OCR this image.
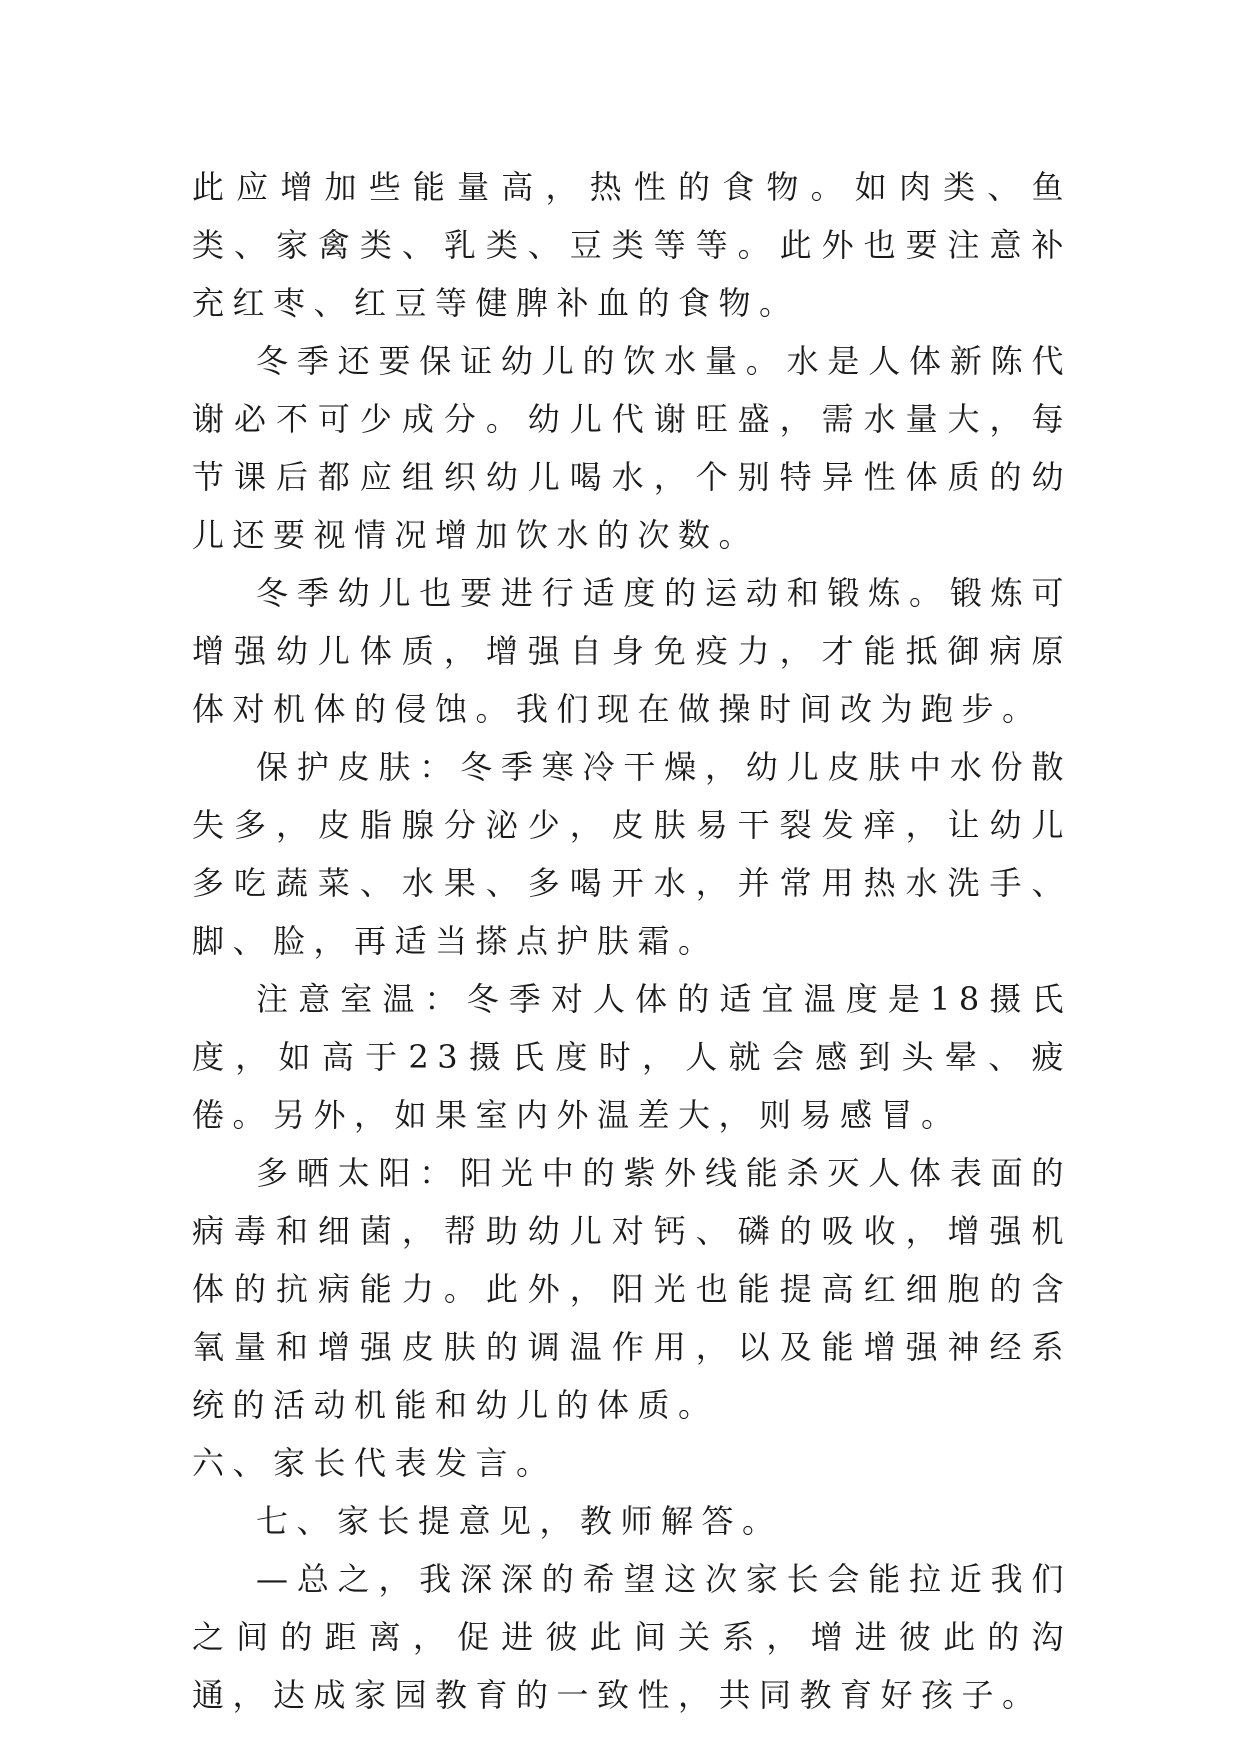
此应增加些能量高，热性的食物。如肉类、鱼类、家禽类、乳类、豆类等等。此外也要注意补充红枣、红豆等健脾补血的食物。

冬季还要保证幼儿的饮水量。水是人体新陈代谢必不可少成分。幼儿代谢旺盛，需水量大，每节课后都应组织幼儿喝水，个别特异性体质的幼儿还要视情况增加饮水的次数。

冬季幼儿也要进行适度的运动和锻炼。锻炼可增强幼儿体质，增强自身免疫力，才能抵御病原体对机体的侵蚀。我们现在做操时间改为跑步。

保护皮肤：冬季寒冷干燥，幼儿皮肤中水份散失多，皮脂腺分泌少，皮肤易干裂发痒，让幼儿多吃蔬菜、水果、多喝开水，并常用热水洗手、脚、脸，再适当搽点护肤霜。

注意室温：冬季对人体的适宜温度是18摄氏度，如高于23摄氏度时，人就会感到头晕、疲倦。另外，如果室内外温差大，则易感冒。

多晒太阳：阳光中的紫外线能杀灭人体表面的病毒和细菌，帮助幼儿对钙、磷的吸收，增强机体的抗病能力。此外，阳光也能提高红细胞的含氧量和增强皮肤的调温作用，以及能增强神经系统的活动机能和幼儿的体质。

六、家长代表发言。

七、家长提意见，教师解答。

—总之，我深深的希望这次家长会能拉近我们之间的距离，促进彼此间关系，增进彼此的沟通，达成家园教育的一致性，共同教育好孩子。
